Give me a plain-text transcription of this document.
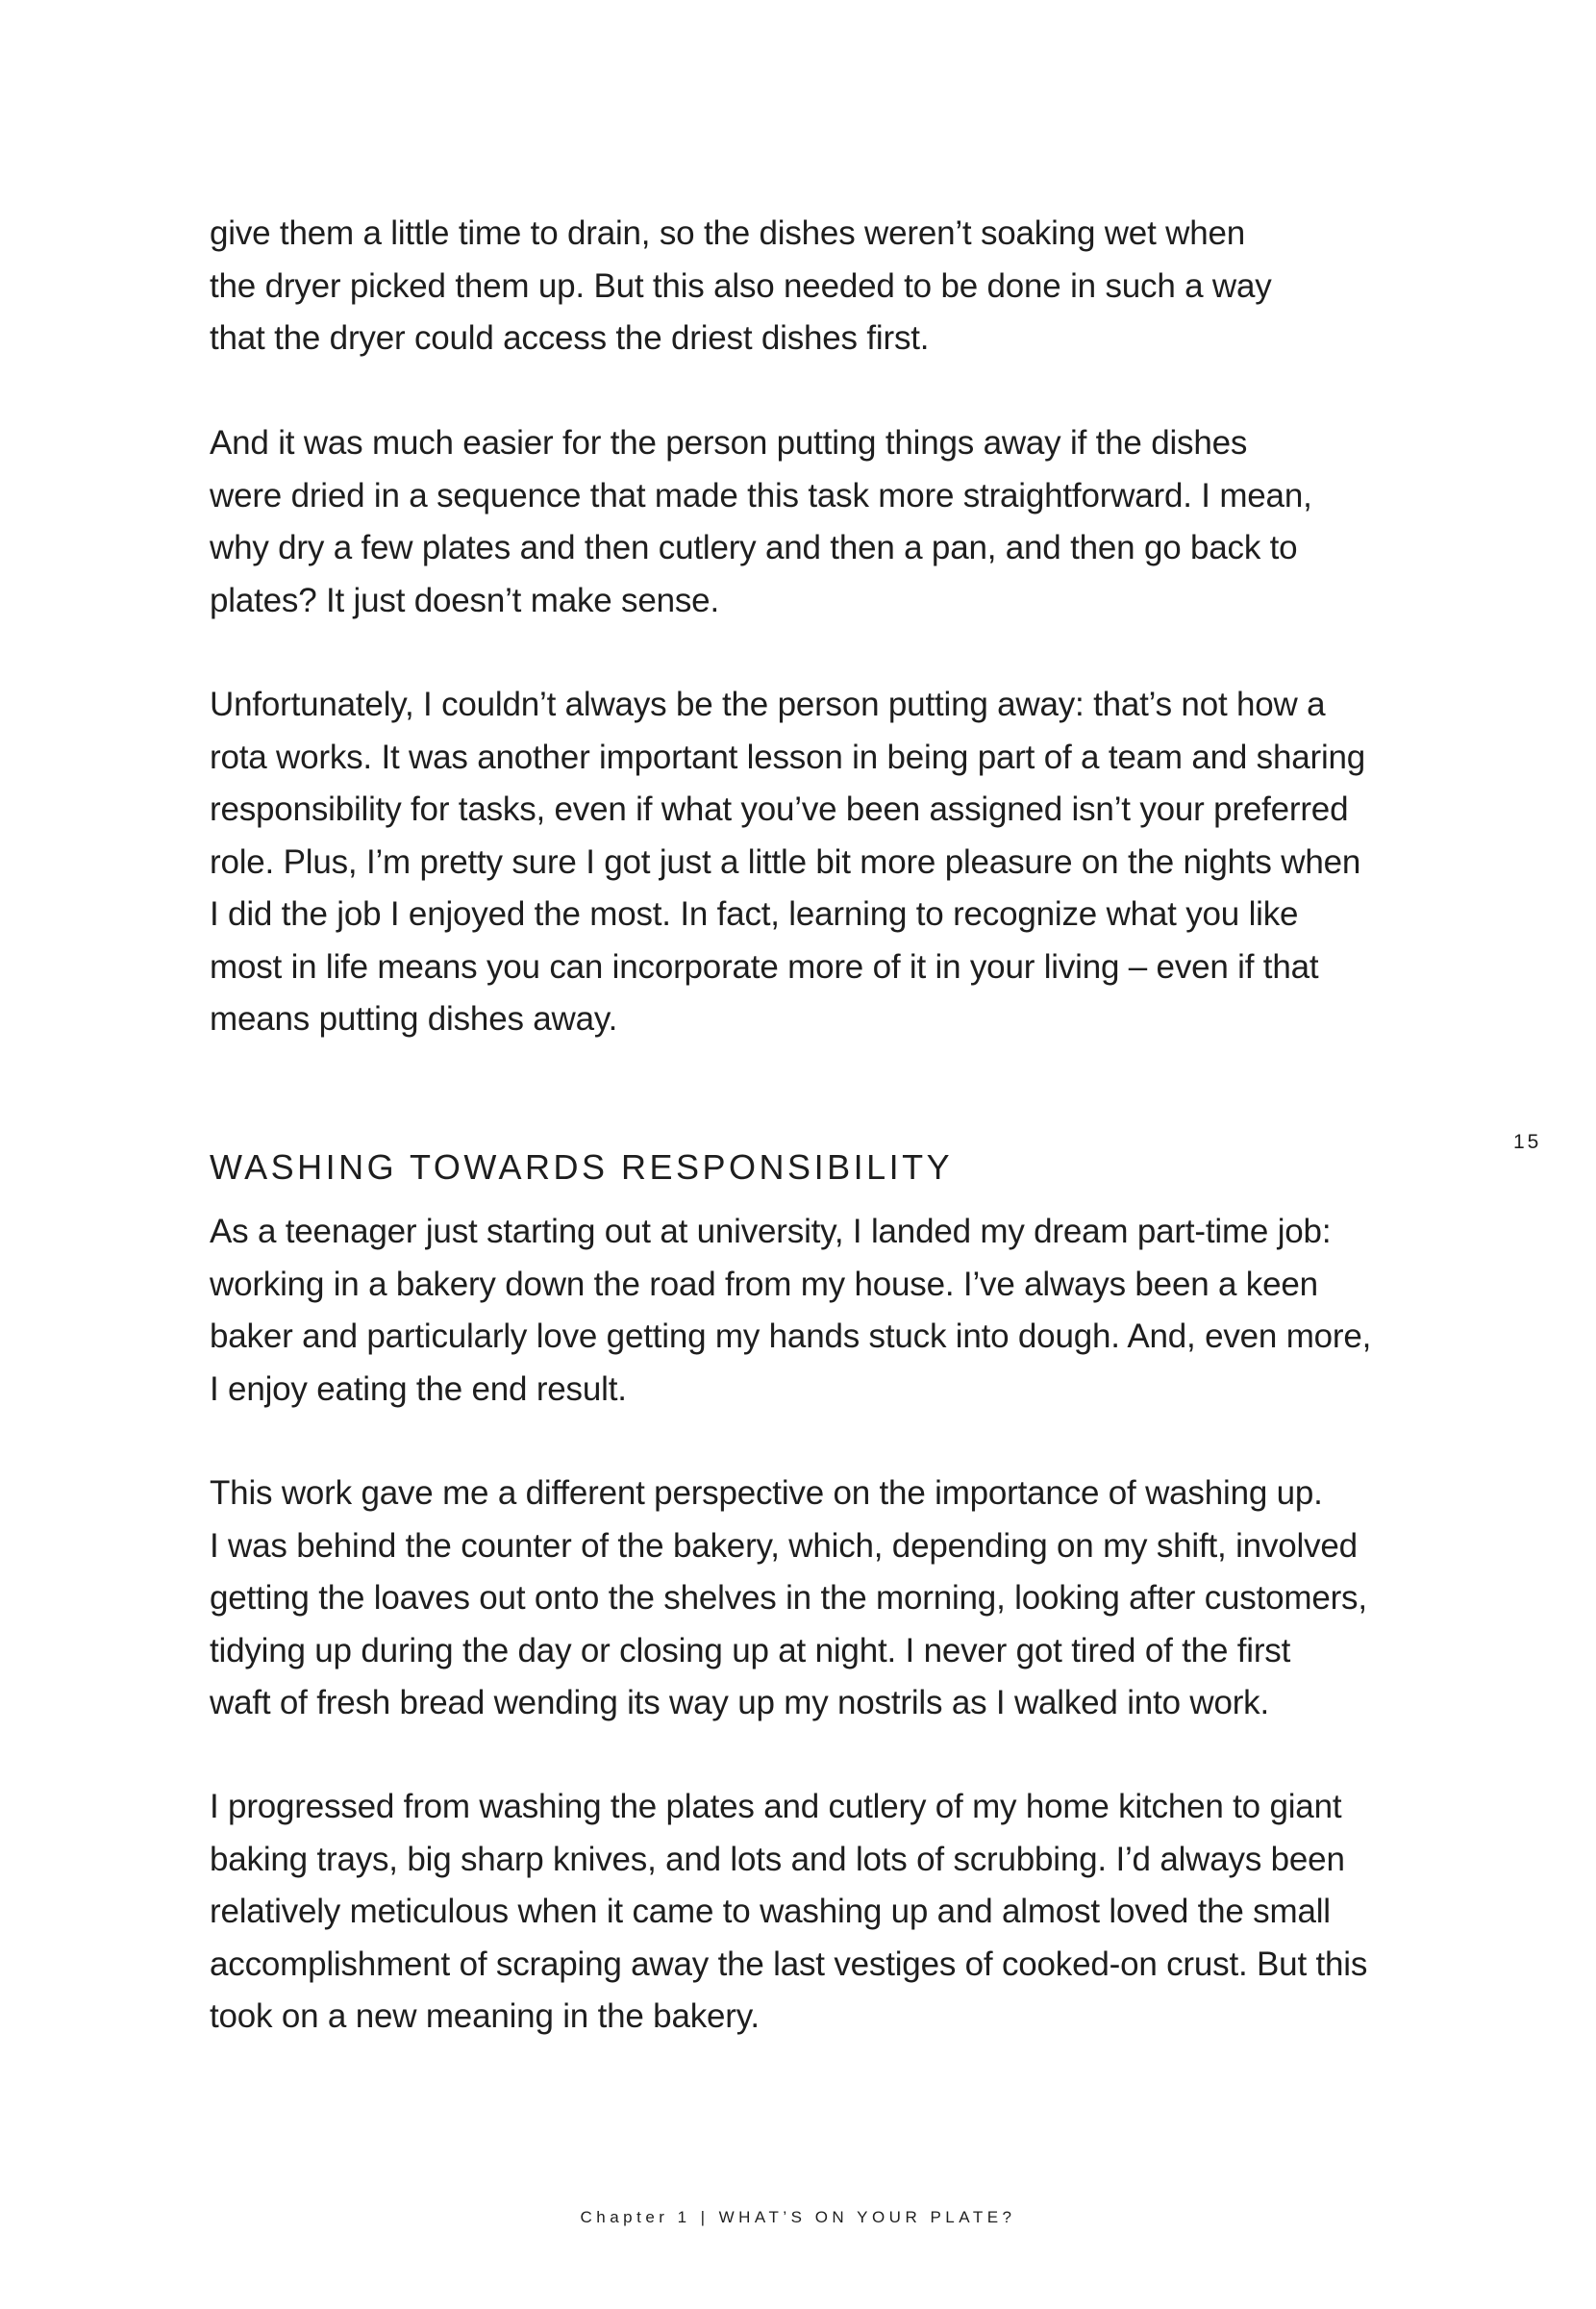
give them a little time to drain, so the dishes weren’t soaking wet when
the dryer picked them up. But this also needed to be done in such a way
that the dryer could access the driest dishes first.

And it was much easier for the person putting things away if the dishes
were dried in a sequence that made this task more straightforward. I mean,
why dry a few plates and then cutlery and then a pan, and then go back to
plates? It just doesn’t make sense.

Unfortunately, I couldn’t always be the person putting away: that’s not how a
rota works. It was another important lesson in being part of a team and sharing
responsibility for tasks, even if what you’ve been assigned isn’t your preferred
role. Plus, I’m pretty sure I got just a little bit more pleasure on the nights when
I did the job I enjoyed the most. In fact, learning to recognize what you like
most in life means you can incorporate more of it in your living – even if that
means putting dishes away.

15
WASHING TOWARDS RESPONSIBILITY

As a teenager just starting out at university, I landed my dream part-time job:
working in a bakery down the road from my house. I’ve always been a keen
baker and particularly love getting my hands stuck into dough. And, even more,
I enjoy eating the end result.

This work gave me a different perspective on the importance of washing up.
I was behind the counter of the bakery, which, depending on my shift, involved
getting the loaves out onto the shelves in the morning, looking after customers,
tidying up during the day or closing up at night. I never got tired of the first
waft of fresh bread wending its way up my nostrils as I walked into work.

I progressed from washing the plates and cutlery of my home kitchen to giant
baking trays, big sharp knives, and lots and lots of scrubbing. I’d always been
relatively meticulous when it came to washing up and almost loved the small
accomplishment of scraping away the last vestiges of cooked-on crust. But this
took on a new meaning in the bakery.

Chapter 1 | WHAT’S ON YOUR PLATE?
